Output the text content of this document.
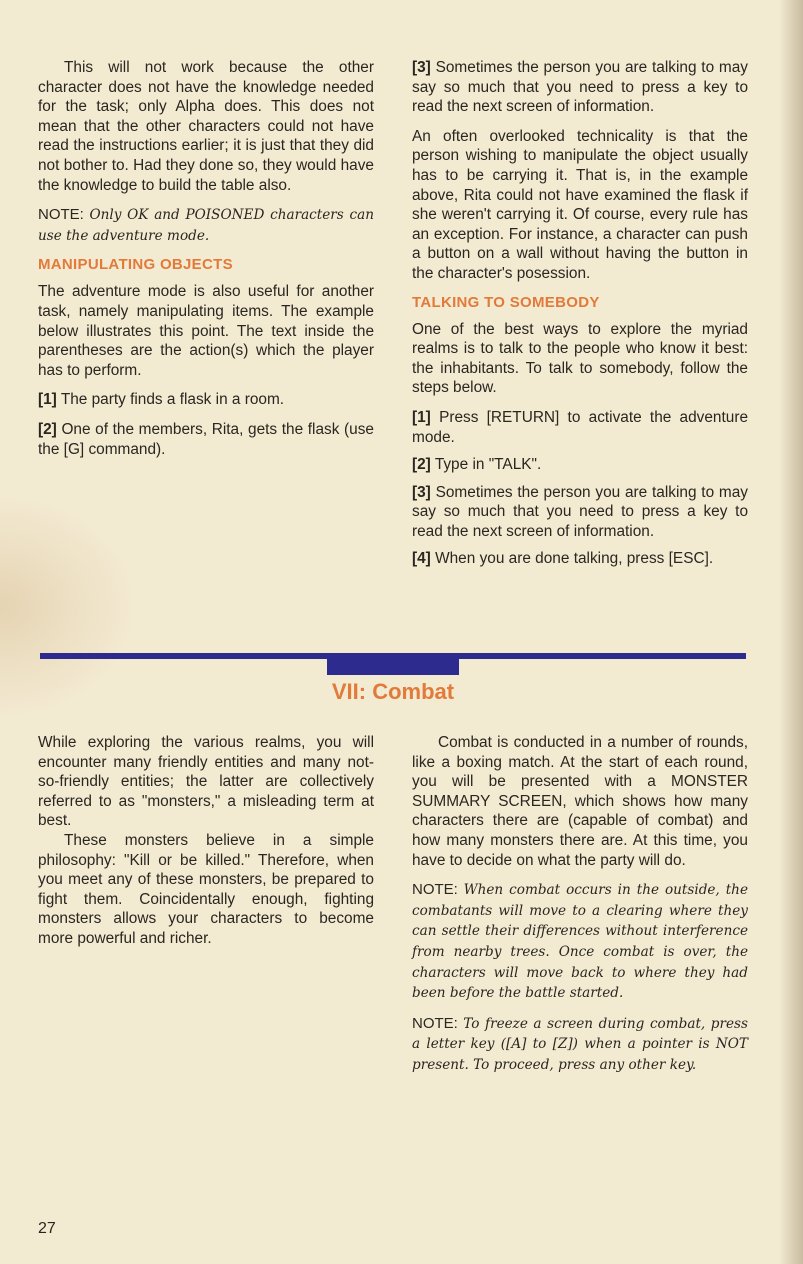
This will not work because the other character does not have the knowledge needed for the task; only Alpha does. This does not mean that the other characters could not have read the instructions earlier; it is just that they did not bother to. Had they done so, they would have the knowledge to build the table also.

NOTE: Only OK and POISONED characters can use the adventure mode.

MANIPULATING OBJECTS

The adventure mode is also useful for another task, namely manipulating items. The example below illustrates this point. The text inside the parentheses are the action(s) which the player has to perform.

[1] The party finds a flask in a room.

[2] One of the members, Rita, gets the flask (use the [G] command).

[3] Sometimes the person you are talking to may say so much that you need to press a key to read the next screen of information.

An often overlooked technicality is that the person wishing to manipulate the object usually has to be carrying it. That is, in the example above, Rita could not have examined the flask if she weren't carrying it. Of course, every rule has an exception. For instance, a character can push a button on a wall without having the button in the character's posession.

TALKING TO SOMEBODY

One of the best ways to explore the myriad realms is to talk to the people who know it best: the inhabitants. To talk to somebody, follow the steps below.

[1] Press [RETURN] to activate the adventure mode.

[2] Type in "TALK".

[3] Sometimes the person you are talking to may say so much that you need to press a key to read the next screen of information.

[4] When you are done talking, press [ESC].

VII: Combat

While exploring the various realms, you will encounter many friendly entities and many not-so-friendly entities; the latter are collectively referred to as "monsters," a misleading term at best.

These monsters believe in a simple philosophy: "Kill or be killed." Therefore, when you meet any of these monsters, be prepared to fight them. Coincidentally enough, fighting monsters allows your characters to become more powerful and richer.

Combat is conducted in a number of rounds, like a boxing match. At the start of each round, you will be presented with a MONSTER SUMMARY SCREEN, which shows how many characters there are (capable of combat) and how many monsters there are. At this time, you have to decide on what the party will do.

NOTE: When combat occurs in the outside, the combatants will move to a clearing where they can settle their differences without interference from nearby trees. Once combat is over, the characters will move back to where they had been before the battle started.

NOTE: To freeze a screen during combat, press a letter key ([A] to [Z]) when a pointer is NOT present. To proceed, press any other key.

27
